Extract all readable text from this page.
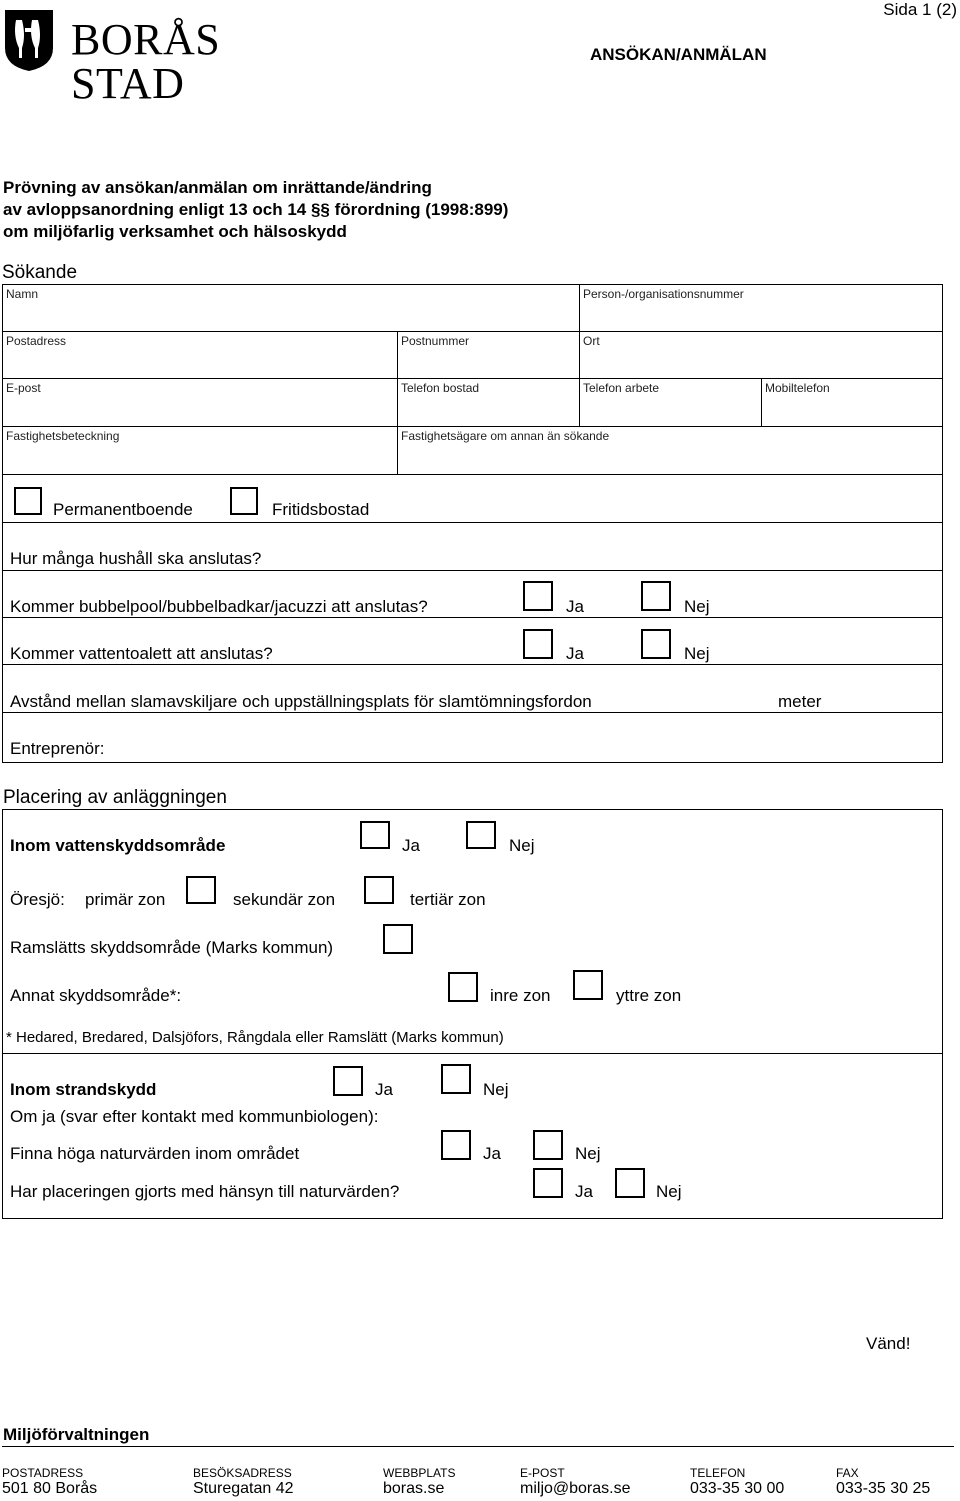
BORÅS STAD
Sida 1 (2)
ANSÖKAN/ANMÄLAN
Prövning av ansökan/anmälan om inrättande/ändring
av avloppsanordning enligt 13 och 14 §§ förordning (1998:899)
om miljöfarlig verksamhet och hälsoskydd
Sökande
Namn	Person-/organisationsnummer
Postadress	Postnummer	Ort
E-post	Telefon bostad	Telefon arbete	Mobiltelefon
Fastighetsbeteckning	Fastighetsägare om annan än sökande
Permanentboende	Fritidsbostad
Hur många hushåll ska anslutas?
Kommer bubbelpool/bubbelbadkar/jacuzzi att anslutas?	Ja	Nej
Kommer vattentoalett att anslutas?	Ja	Nej
Avstånd mellan slamavskiljare och uppställningsplats för slamtömningsfordon	meter
Entreprenör:
Placering av anläggningen
Inom vattenskyddsområde	Ja	Nej
Öresjö: primär zon	sekundär zon	tertiär zon
Ramslätts skyddsområde (Marks kommun)
Annat skyddsområde*:	inre zon	yttre zon
* Hedared, Bredared, Dalsjöfors, Rångdala eller Ramslätt (Marks kommun)
Inom strandskydd	Ja	Nej
Om ja (svar efter kontakt med kommunbiologen):
Finna höga naturvärden inom området	Ja	Nej
Har placeringen gjorts med hänsyn till naturvärden?	Ja	Nej
Vänd!
Miljöförvaltningen
POSTADRESS
501 80 Borås
BESÖKSADRESS
Sturegatan 42
WEBBPLATS
boras.se
E-POST
miljo@boras.se
TELEFON
033-35 30 00
FAX
033-35 30 25
